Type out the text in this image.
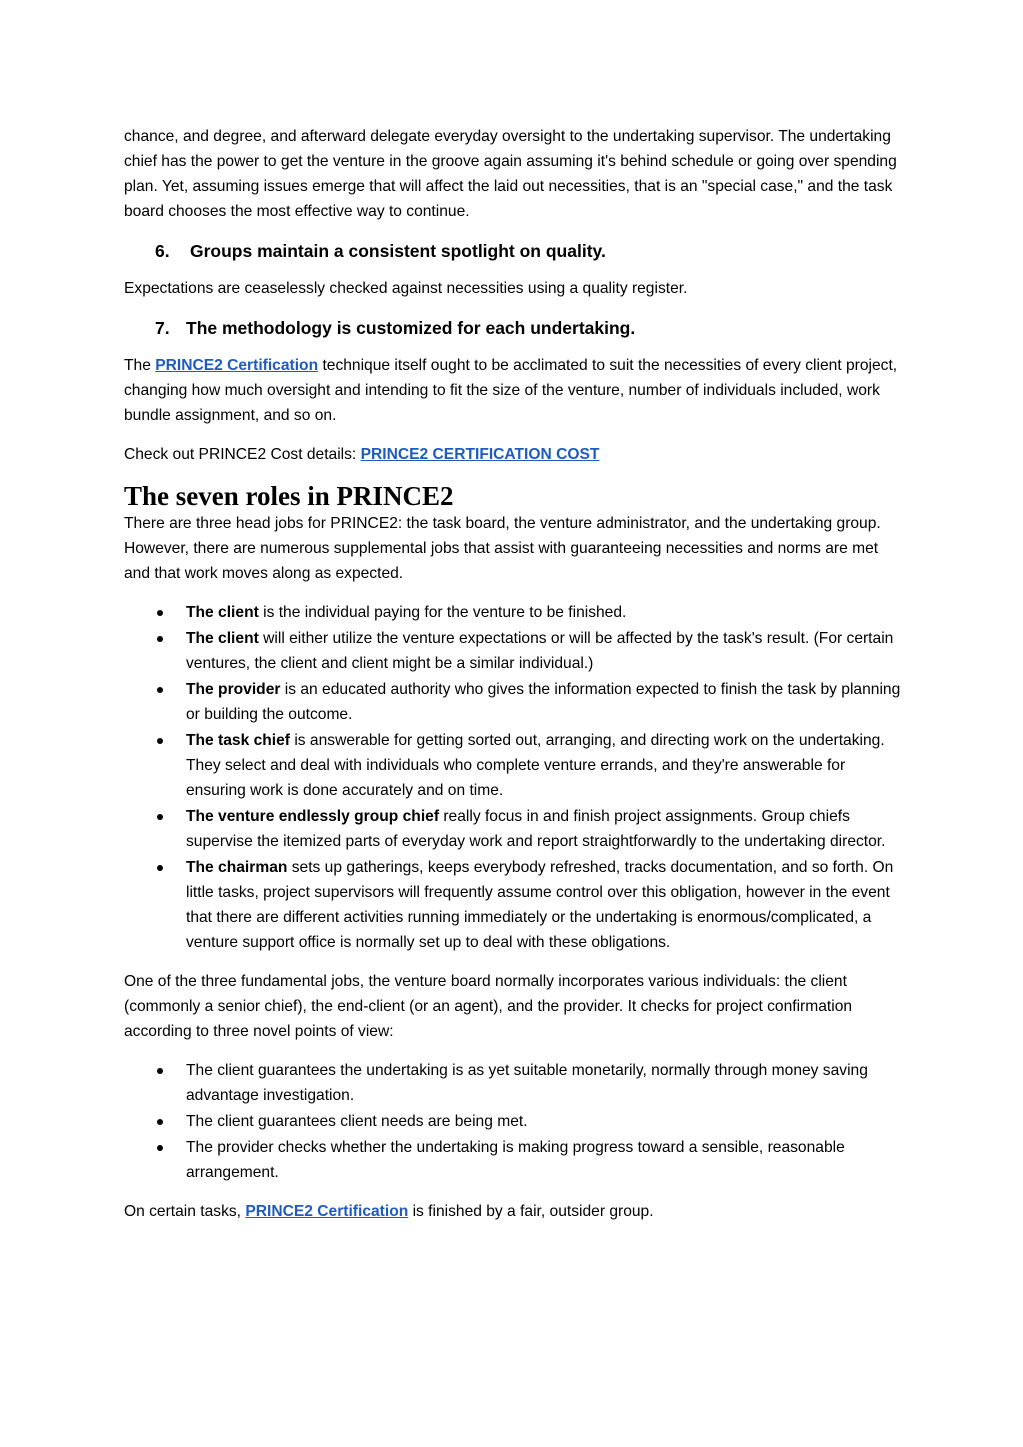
chance, and degree, and afterward delegate everyday oversight to the undertaking supervisor. The undertaking chief has the power to get the venture in the groove again assuming it's behind schedule or going over spending plan. Yet, assuming issues emerge that will affect the laid out necessities, that is an "special case," and the task board chooses the most effective way to continue.

6.	Groups maintain a consistent spotlight on quality.

Expectations are ceaselessly checked against necessities using a quality register.

7. The methodology is customized for each undertaking.

The PRINCE2 Certification technique itself ought to be acclimated to suit the necessities of every client project, changing how much oversight and intending to fit the size of the venture, number of individuals included, work bundle assignment, and so on.

Check out PRINCE2 Cost details: PRINCE2 CERTIFICATION COST

The seven roles in PRINCE2

There are three head jobs for PRINCE2: the task board, the venture administrator, and the undertaking group. However, there are numerous supplemental jobs that assist with guaranteeing necessities and norms are met and that work moves along as expected.

The client is the individual paying for the venture to be finished.
The client will either utilize the venture expectations or will be affected by the task's result. (For certain ventures, the client and client might be a similar individual.)
The provider is an educated authority who gives the information expected to finish the task by planning or building the outcome.
The task chief is answerable for getting sorted out, arranging, and directing work on the undertaking. They select and deal with individuals who complete venture errands, and they're answerable for ensuring work is done accurately and on time.
The venture endlessly group chief really focus in and finish project assignments. Group chiefs supervise the itemized parts of everyday work and report straightforwardly to the undertaking director.
The chairman sets up gatherings, keeps everybody refreshed, tracks documentation, and so forth. On little tasks, project supervisors will frequently assume control over this obligation, however in the event that there are different activities running immediately or the undertaking is enormous/complicated, a venture support office is normally set up to deal with these obligations.

One of the three fundamental jobs, the venture board normally incorporates various individuals: the client (commonly a senior chief), the end-client (or an agent), and the provider. It checks for project confirmation according to three novel points of view:

The client guarantees the undertaking is as yet suitable monetarily, normally through money saving advantage investigation.
The client guarantees client needs are being met.
The provider checks whether the undertaking is making progress toward a sensible, reasonable arrangement.

On certain tasks, PRINCE2 Certification is finished by a fair, outsider group.
